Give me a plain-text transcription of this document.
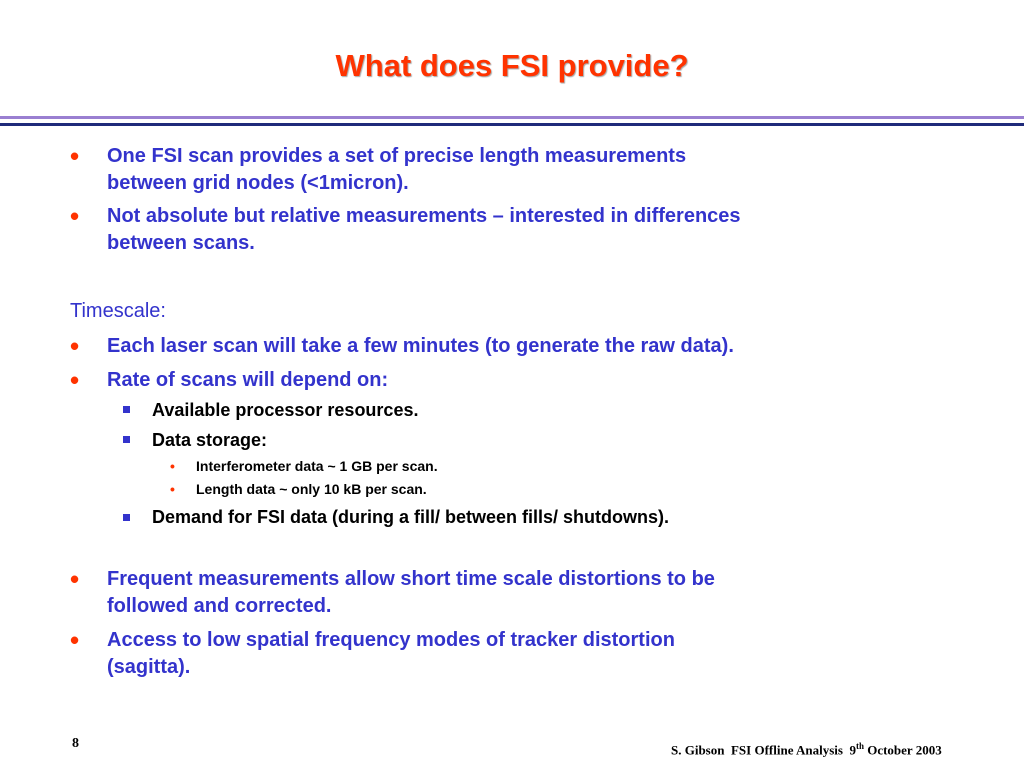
What does FSI provide?
• One FSI scan provides a set of precise length measurements
between grid nodes (<1micron).

• Not absolute but relative measurements – interested in differences
between scans.

Timescale:

• Each laser scan will take a few minutes (to generate the raw data).

• Rate of scans will depend on:

Available processor resources.

Data storage:

• Interferometer data ~ 1 GB per scan.

• Length data ~ only 10 kB per scan.

Demand for FSI data (during a fill/ between fills/ shutdowns).

• Frequent measurements allow short time scale distortions to be
followed and corrected.

• Access to low spatial frequency modes of tracker distortion
(sagitta).

8	S. Gibson FSI Offline Analysis 9th October 2003
